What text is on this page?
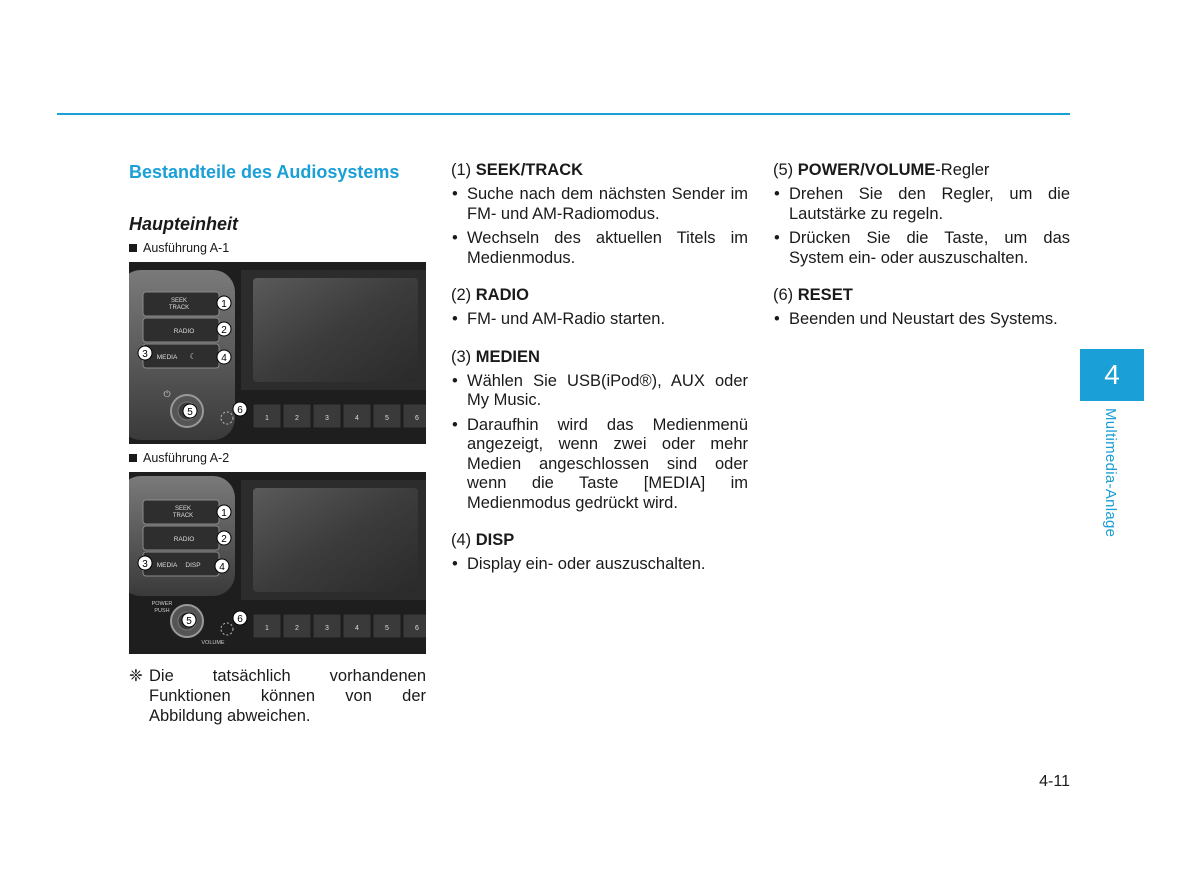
Bestandteile des Audiosystems
Haupteinheit
Ausführung A-1
SEEK
TRACK
RADIO
MEDIA ☾
⏻
1	2	3	4	5	6
1
2
3	4
5	6
Ausführung A-2
SEEK
TRACK
RADIO
MEDIA DISP
POWER
PUSH
VOLUME
1	2	3	4	5	6
1
2
3	4
5	6
❈ Die tatsächlich vorhandenen Funktionen können von der Abbildung abweichen.

(1) SEEK/TRACK

• Suche nach dem nächsten Sender im FM- und AM-Radiomodus.
• Wechseln des aktuellen Titels im Medienmodus.

(2) RADIO

• FM- und AM-Radio starten.

(3) MEDIEN

• Wählen Sie USB(iPod®), AUX oder My Music.
• Daraufhin wird das Medienmenü angezeigt, wenn zwei oder mehr Medien angeschlossen sind oder wenn die Taste [MEDIA] im Medienmodus gedrückt wird.

(4) DISP

• Display ein- oder auszuschalten.

(5) POWER/VOLUME-Regler

• Drehen Sie den Regler, um die Lautstärke zu regeln.
• Drücken Sie die Taste, um das System ein- oder auszuschalten.

(6) RESET

• Beenden und Neustart des Systems.
4
Multimedia-Anlage
4-11
